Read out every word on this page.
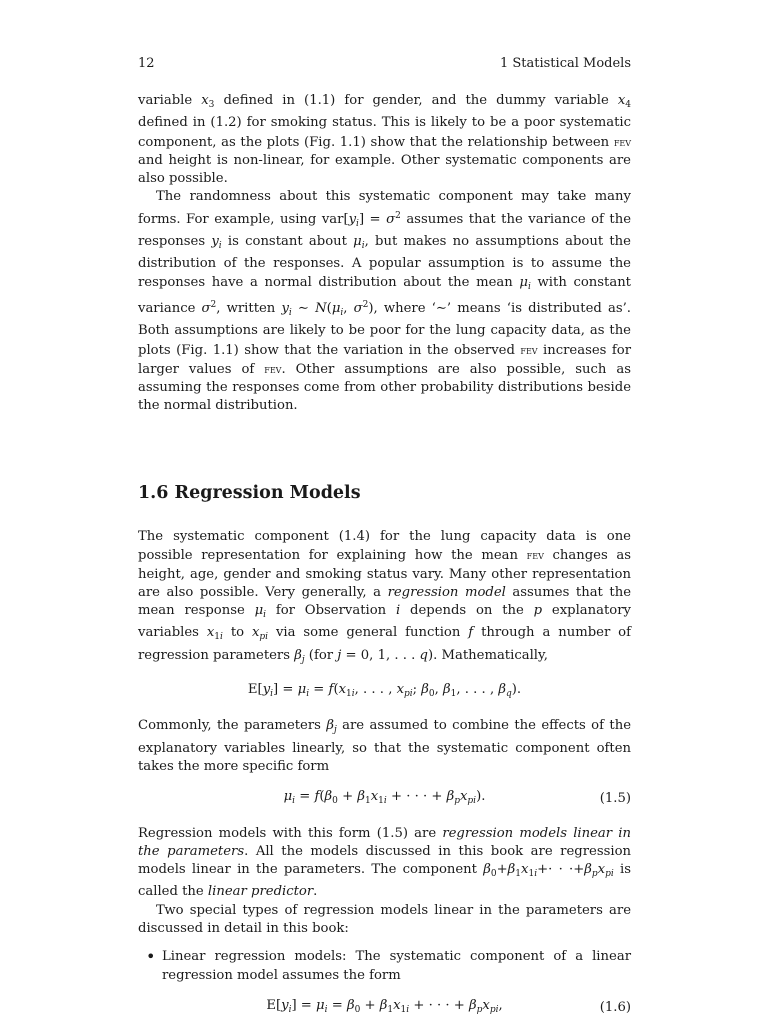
12	1 Statistical Models

variable $x_3$ defined in (1.1) for gender, and the dummy variable $x_4$ defined in (1.2) for smoking status. This is likely to be a poor systematic component, as the plots (Fig. 1.1) show that the relationship between fev and height is non-linear, for example. Other systematic components are also possible.

The randomness about this systematic component may take many forms. For example, using $var[y_i] = \sigma^2$ assumes that the variance of the responses $y_i$ is constant about $\mu_i$, but makes no assumptions about the distribution of the responses. A popular assumption is to assume the responses have a normal distribution about the mean $\mu_i$ with constant variance $\sigma^2$, written $y_i$ ∼ $N(\mu_i$, $\sigma^2$), where ‘∼’ means ‘is distributed as’. Both assumptions are likely to be poor for the lung capacity data, as the plots (Fig. 1.1) show that the variation in the observed fev increases for larger values of fev. Other assumptions are also possible, such as assuming the responses come from other probability distributions beside the normal distribution.

1.6 Regression Models

The systematic component (1.4) for the lung capacity data is one possible representation for explaining how the mean fev changes as height, age, gender and smoking status vary. Many other representation are also possible. Very generally, a regression model assumes that the mean response $\mu_i$ for Observation i depends on the p explanatory variables $x_{1i}$ to $x_{pi}$ via some general function f through a number of regression parameters $\beta_j$ (for j = 0, 1, . . . q). Mathematically,

$E[y_i] = \mu_i = f(x_{1i}$, . . . , $x_{pi}$; $\beta_0$, $\beta_1$, . . . , $\beta_q$).

Commonly, the parameters $\beta_j$ are assumed to combine the effects of the explanatory variables linearly, so that the systematic component often takes the more specific form

$\mu_i = f(\beta_0 + \beta_1x_{1i}$ + · · · + $\beta_px_{pi}$).	(1.5)

Regression models with this form (1.5) are regression models linear in the parameters. All the models discussed in this book are regression models linear in the parameters. The component $\beta_0+\beta_1x_{1i}+\cdot \cdot \cdot+\beta_px_{pi}$ is called the linear predictor.

Two special types of regression models linear in the parameters are discussed in detail in this book:

• Linear regression models: The systematic component of a linear regression model assumes the form

$E[y_i] = \mu_i = \beta_0 + \beta_1x_{1i}$ + · · · + $\beta_px_{pi}$,	(1.6)
